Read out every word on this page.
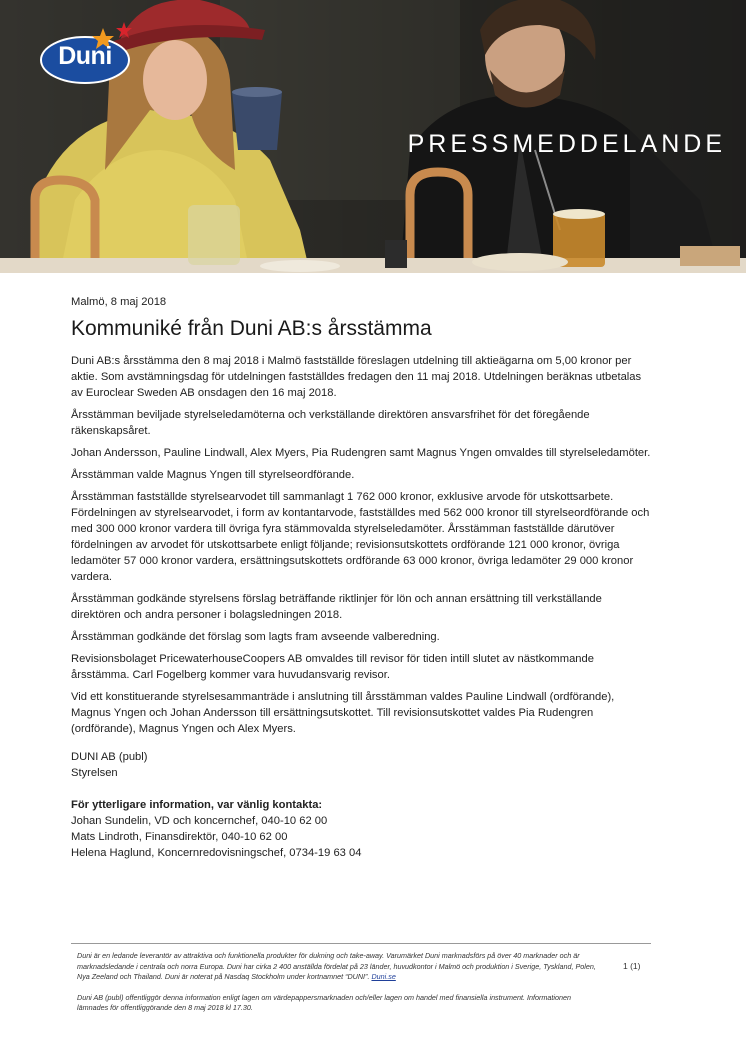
Duni
PRESSMEDDELANDE

Malmö, 8 maj 2018

Kommuniké från Duni AB:s årsstämma

Duni AB:s årsstämma den 8 maj 2018 i Malmö fastställde föreslagen utdelning till aktieägarna om 5,00 kronor per aktie. Som avstämningsdag för utdelningen fastställdes fredagen den 11 maj 2018. Utdelningen beräknas utbetalas av Euroclear Sweden AB onsdagen den 16 maj 2018.

Årsstämman beviljade styrelseledamöterna och verkställande direktören ansvarsfrihet för det föregående räkenskapsåret.

Johan Andersson, Pauline Lindwall, Alex Myers, Pia Rudengren samt Magnus Yngen omvaldes till styrelseledamöter.

Årsstämman valde Magnus Yngen till styrelseordförande.

Årsstämman fastställde styrelsearvodet till sammanlagt 1 762 000 kronor, exklusive arvode för utskottsarbete. Fördelningen av styrelsearvodet, i form av kontantarvode, fastställdes med 562 000 kronor till styrelseordförande och med 300 000 kronor vardera till övriga fyra stämmovalda styrelseledamöter. Årsstämman fastställde därutöver fördelningen av arvodet för utskottsarbete enligt följande; revisionsutskottets ordförande 121 000 kronor, övriga ledamöter 57 000 kronor vardera, ersättningsutskottets ordförande 63 000 kronor, övriga ledamöter 29 000 kronor vardera.

Årsstämman godkände styrelsens förslag beträffande riktlinjer för lön och annan ersättning till verkställande direktören och andra personer i bolagsledningen 2018.

Årsstämman godkände det förslag som lagts fram avseende valberedning.

Revisionsbolaget PricewaterhouseCoopers AB omvaldes till revisor för tiden intill slutet av nästkommande årsstämma. Carl Fogelberg kommer vara huvudansvarig revisor.

Vid ett konstituerande styrelsesammanträde i anslutning till årsstämman valdes Pauline Lindwall (ordförande), Magnus Yngen och Johan Andersson till ersättningsutskottet. Till revisionsutskottet valdes Pia Rudengren (ordförande), Magnus Yngen och Alex Myers.

DUNI AB (publ)
Styrelsen
För ytterligare information, var vänlig kontakta:
Johan Sundelin, VD och koncernchef, 040-10 62 00
Mats Lindroth, Finansdirektör, 040-10 62 00
Helena Haglund, Koncernredovisningschef, 0734-19 63 04

Duni är en ledande leverantör av attraktiva och funktionella produkter för dukning och take-away. Varumärket Duni marknadsförs på över 40 marknader och är marknadsledande i centrala och norra Europa. Duni har cirka 2 400 anställda fördelat på 23 länder, huvudkontor i Malmö och produktion i Sverige, Tyskland, Polen, Nya Zeeland och Thailand. Duni är noterat på Nasdaq Stockholm under kortnamnet “DUNI”. Duni.se

Duni AB (publ) offentliggör denna information enligt lagen om värdepappersmarknaden och/eller lagen om handel med finansiella instrument. Informationen lämnades för offentliggörande den 8 maj 2018 kl 17.30.

1 (1)
